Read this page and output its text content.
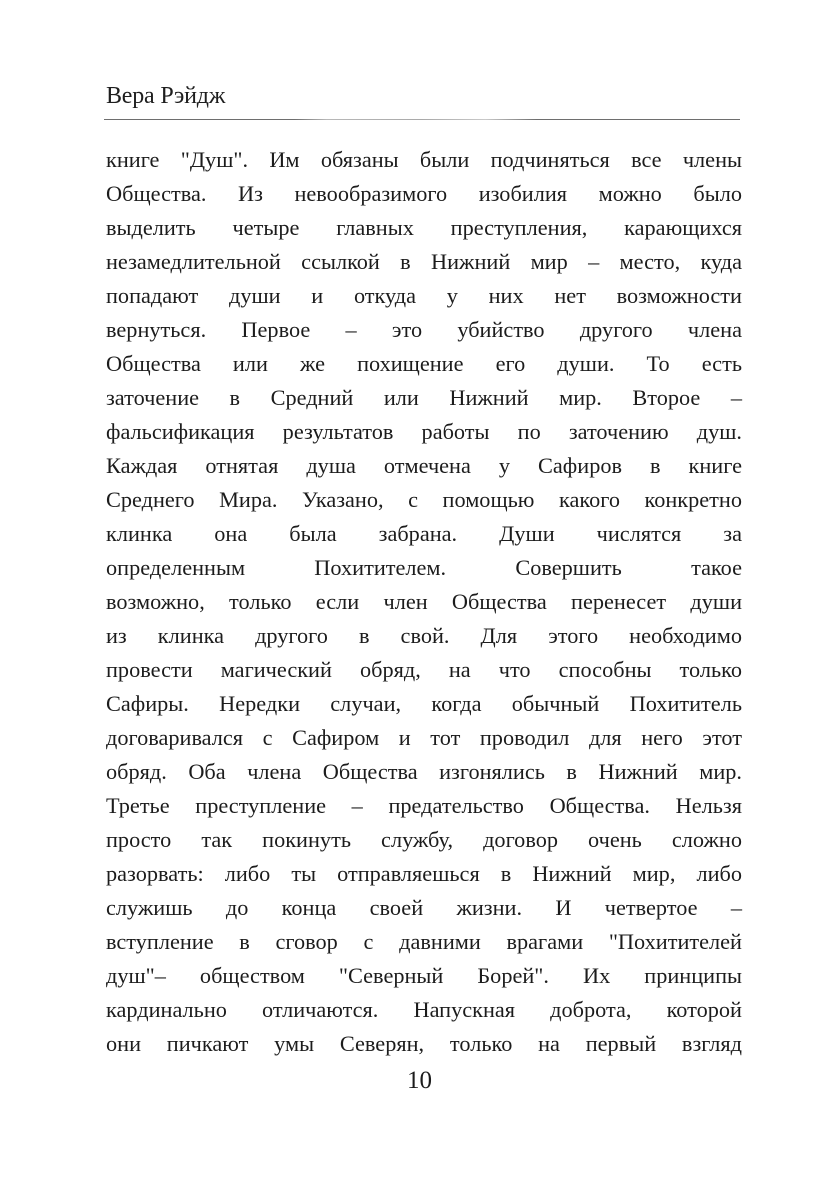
Вера Рэйдж
книге "Душ". Им обязаны были подчиняться все члены
Общества. Из невообразимого изобилия можно было
выделить четыре главных преступления, карающихся
незамедлительной ссылкой в Нижний мир – место, куда
попадают души и откуда у них нет возможности
вернуться. Первое – это убийство другого члена
Общества или же похищение его души. То есть
заточение в Средний или Нижний мир. Второе –
фальсификация результатов работы по заточению душ.
Каждая отнятая душа отмечена у Сафиров в книге
Среднего Мира. Указано, с помощью какого конкретно
клинка она была забрана. Души числятся за
определенным Похитителем. Совершить такое
возможно, только если член Общества перенесет души
из клинка другого в свой. Для этого необходимо
провести магический обряд, на что способны только
Сафиры. Нередки случаи, когда обычный Похититель
договаривался с Сафиром и тот проводил для него этот
обряд. Оба члена Общества изгонялись в Нижний мир.
Третье преступление – предательство Общества. Нельзя
просто так покинуть службу, договор очень сложно
разорвать: либо ты отправляешься в Нижний мир, либо
служишь до конца своей жизни. И четвертое –
вступление в сговор с давними врагами "Похитителей
душ"– обществом "Северный Борей". Их принципы
кардинально отличаются. Напускная доброта, которой
они пичкают умы Северян, только на первый взгляд
10
